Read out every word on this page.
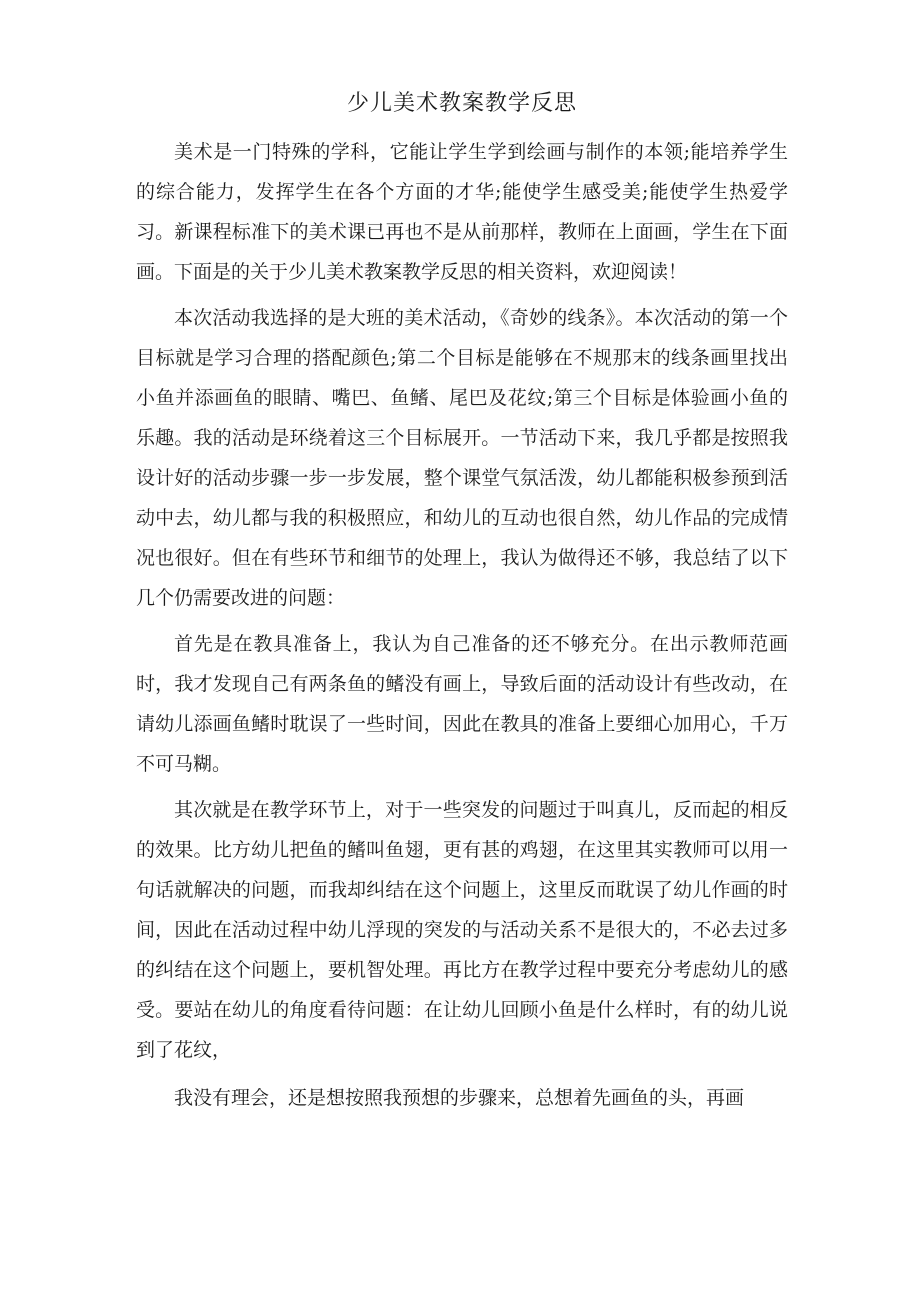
少儿美术教案教学反思

美术是一门特殊的学科，它能让学生学到绘画与制作的本领;能培养学生的综合能力，发挥学生在各个方面的才华;能使学生感受美;能使学生热爱学习。新课程标准下的美术课已再也不是从前那样，教师在上面画，学生在下面画。下面是的关于少儿美术教案教学反思的相关资料，欢迎阅读！

本次活动我选择的是大班的美术活动，《奇妙的线条》。本次活动的第一个目标就是学习合理的搭配颜色;第二个目标是能够在不规那末的线条画里找出小鱼并添画鱼的眼睛、嘴巴、鱼鳍、尾巴及花纹;第三个目标是体验画小鱼的乐趣。我的活动是环绕着这三个目标展开。一节活动下来，我几乎都是按照我设计好的活动步骤一步一步发展，整个课堂气氛活泼，幼儿都能积极参预到活动中去，幼儿都与我的积极照应，和幼儿的互动也很自然，幼儿作品的完成情况也很好。但在有些环节和细节的处理上，我认为做得还不够，我总结了以下几个仍需要改进的问题：

首先是在教具准备上，我认为自己准备的还不够充分。在出示教师范画时，我才发现自己有两条鱼的鳍没有画上，导致后面的活动设计有些改动，在请幼儿添画鱼鳍时耽误了一些时间，因此在教具的准备上要细心加用心，千万不可马糊。

其次就是在教学环节上，对于一些突发的问题过于叫真儿，反而起的相反的效果。比方幼儿把鱼的鳍叫鱼翅，更有甚的鸡翅，在这里其实教师可以用一句话就解决的问题，而我却纠结在这个问题上，这里反而耽误了幼儿作画的时间，因此在活动过程中幼儿浮现的突发的与活动关系不是很大的，不必去过多的纠结在这个问题上，要机智处理。再比方在教学过程中要充分考虑幼儿的感受。要站在幼儿的角度看待问题：在让幼儿回顾小鱼是什么样时，有的幼儿说到了花纹，

我没有理会，还是想按照我预想的步骤来，总想着先画鱼的头，再画
